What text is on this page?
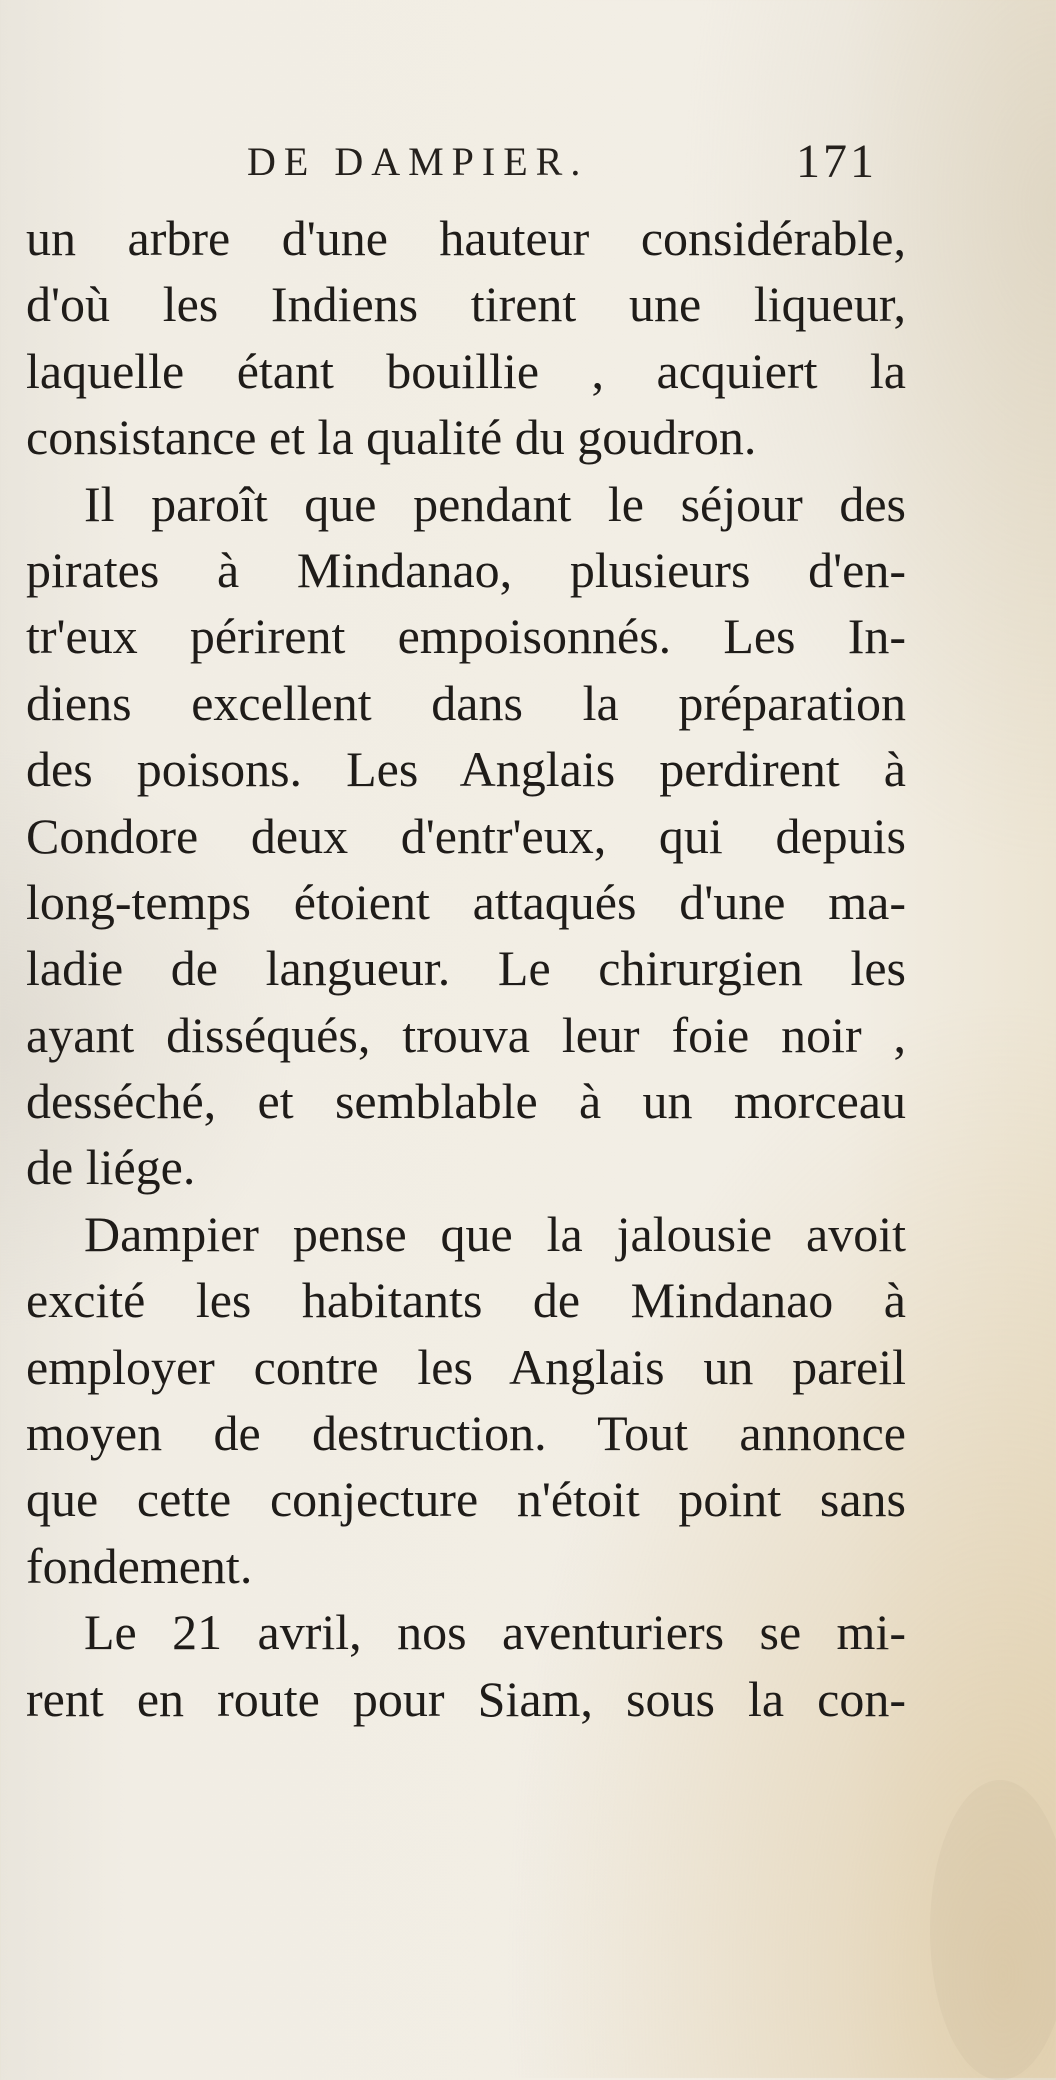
DE DAMPIER.	171
un arbre d'une hauteur considérable,
d'où les Indiens tirent une liqueur,
laquelle étant bouillie , acquiert la
consistance et la qualité du goudron.
Il paroît que pendant le séjour des
pirates à Mindanao, plusieurs d'en-
tr'eux périrent empoisonnés. Les In-
diens excellent dans la préparation
des poisons. Les Anglais perdirent à
Condore deux d'entr'eux, qui depuis
long-temps étoient attaqués d'une ma-
ladie de langueur. Le chirurgien les
ayant disséqués, trouva leur foie noir ,
desséché, et semblable à un morceau
de liége.
Dampier pense que la jalousie avoit
excité les habitants de Mindanao à
employer contre les Anglais un pareil
moyen de destruction. Tout annonce
que cette conjecture n'étoit point sans
fondement.
Le 21 avril, nos aventuriers se mi-
rent en route pour Siam, sous la con-
